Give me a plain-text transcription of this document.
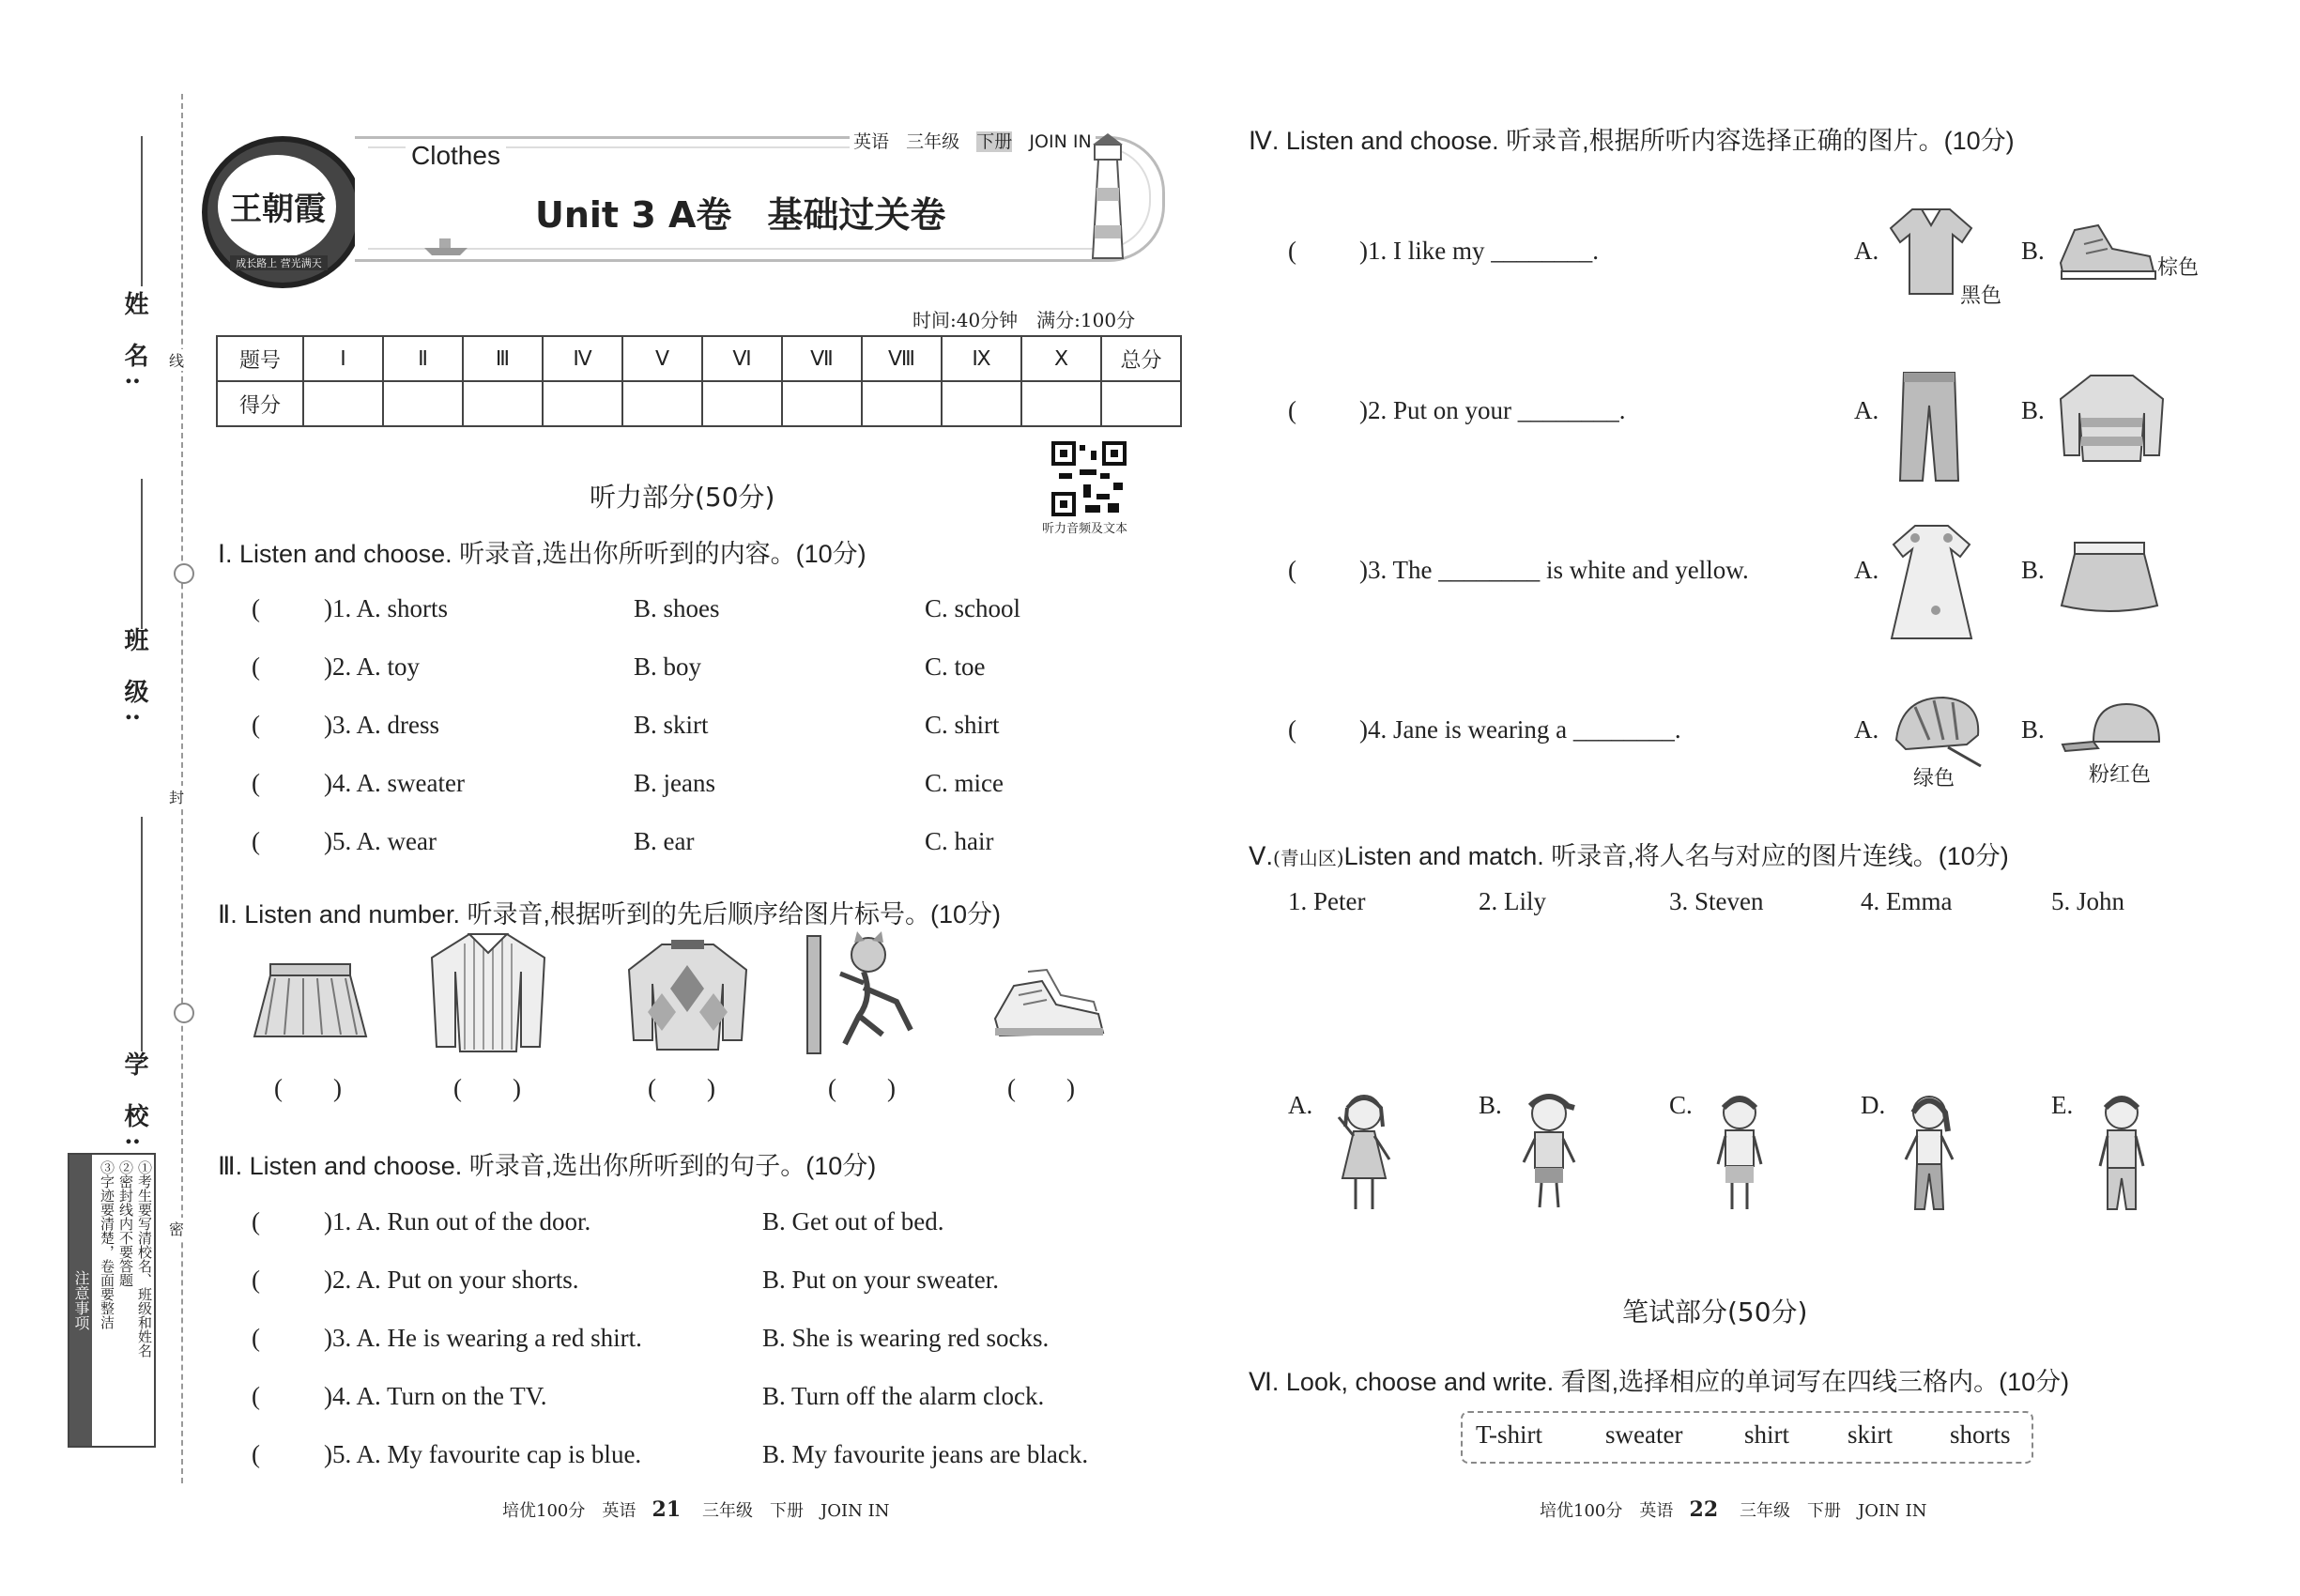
线
封
密
姓 名:
班 级:
学 校:
注意事项	①考生要写清校名、班级和姓名
②密封线内不要答题
③字迹要清楚，卷面要整洁
王朝霞
成长路上 营光满天
Clothes	英语 三年级 下册 JOIN IN
Unit 3 A卷　基础过关卷
时间:40分钟　满分:100分
题号	Ⅰ	Ⅱ	Ⅲ	Ⅳ	Ⅴ	Ⅵ	Ⅶ	Ⅷ	Ⅸ	Ⅹ	总分
得分											
听力音频及文本
听力部分(50分)
Ⅰ. Listen and choose. 听录音,选出你所听到的内容。(10分)
(	)1. A. shorts	B. shoes	C. school
(	)2. A. toy	B. boy	C. toe
(	)3. A. dress	B. skirt	C. shirt
(	)4. A. sweater	B. jeans	C. mice
(	)5. A. wear	B. ear	C. hair
Ⅱ. Listen and number. 听录音,根据听到的先后顺序给图片标号。(10分)
(　　)	(　　)	(　　)	(　　)	(　　)
Ⅲ. Listen and choose. 听录音,选出你所听到的句子。(10分)
(	)1. A. Run out of the door.	B. Get out of bed.
(	)2. A. Put on your shorts.	B. Put on your sweater.
(	)3. A. He is wearing a red shirt.	B. She is wearing red socks.
(	)4. A. Turn on the TV.	B. Turn off the alarm clock.
(	)5. A. My favourite cap is blue.	B. My favourite jeans are black.
培优100分　英语 21 三年级　下册　JOIN IN
Ⅳ. Listen and choose. 听录音,根据所听内容选择正确的图片。(10分)
( )1. I like my ________.	A.
黑色
B.
棕色
( )2. Put on your ________.	A.	B.
( )3. The ________ is white and yellow.	A.	B.
( )4. Jane is wearing a ________.	A.
绿色
B.
粉红色
Ⅴ.(青山区)Listen and match. 听录音,将人名与对应的图片连线。(10分)
1. Peter	2. Lily	3. Steven	4. Emma	5. John
A.	B.	C.	D.	E.
笔试部分(50分)
Ⅵ. Look, choose and write. 看图,选择相应的单词写在四线三格内。(10分)
T-shirt sweater shirt skirt shorts
培优100分　英语 22 三年级　下册　JOIN IN
